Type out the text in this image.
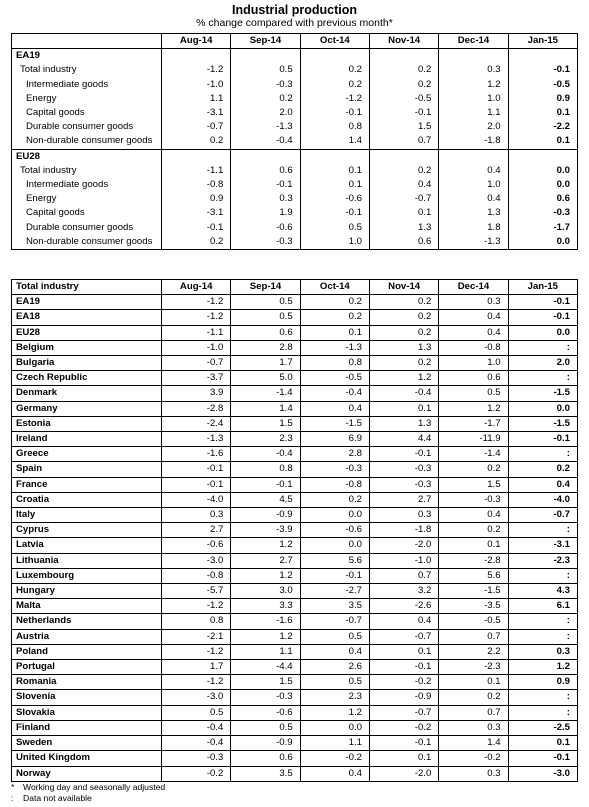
Industrial production
% change compared with previous month*
	Aug-14	Sep-14	Oct-14	Nov-14	Dec-14	Jan-15
EA19						
Total industry	-1.2	0.5	0.2	0.2	0.3	-0.1
Intermediate goods	-1.0	-0.3	0.2	0.2	1.2	-0.5
Energy	1.1	0.2	-1.2	-0.5	1.0	0.9
Capital goods	-3.1	2.0	-0.1	-0.1	1.1	0.1
Durable consumer goods	-0.7	-1.3	0.8	1.5	2.0	-2.2
Non-durable consumer goods	0.2	-0.4	1.4	0.7	-1.8	0.1
EU28						
Total industry	-1.1	0.6	0.1	0.2	0.4	0.0
Intermediate goods	-0.8	-0.1	0.1	0.4	1.0	0.0
Energy	0.9	0.3	-0.6	-0.7	0.4	0.6
Capital goods	-3.1	1.9	-0.1	0.1	1.3	-0.3
Durable consumer goods	-0.1	-0.6	0.5	1.3	1.8	-1.7
Non-durable consumer goods	0.2	-0.3	1.0	0.6	-1.3	0.0
Total industry	Aug-14	Sep-14	Oct-14	Nov-14	Dec-14	Jan-15
EA19	-1.2	0.5	0.2	0.2	0.3	-0.1
EA18	-1.2	0.5	0.2	0.2	0.4	-0.1
EU28	-1.1	0.6	0.1	0.2	0.4	0.0
Belgium	-1.0	2.8	-1.3	1.3	-0.8	:
Bulgaria	-0.7	1.7	0.8	0.2	1.0	2.0
Czech Republic	-3.7	5.0	-0.5	1.2	0.6	:
Denmark	3.9	-1.4	-0.4	-0.4	0.5	-1.5
Germany	-2.8	1.4	0.4	0.1	1.2	0.0
Estonia	-2.4	1.5	-1.5	1.3	-1.7	-1.5
Ireland	-1.3	2.3	6.9	4.4	-11.9	-0.1
Greece	-1.6	-0.4	2.8	-0.1	-1.4	:
Spain	-0.1	0.8	-0.3	-0.3	0.2	0.2
France	-0.1	-0.1	-0.8	-0.3	1.5	0.4
Croatia	-4.0	4.5	0.2	2.7	-0.3	-4.0
Italy	0.3	-0.9	0.0	0.3	0.4	-0.7
Cyprus	2.7	-3.9	-0.6	-1.8	0.2	:
Latvia	-0.6	1.2	0.0	-2.0	0.1	-3.1
Lithuania	-3.0	2.7	5.6	-1.0	-2.8	-2.3
Luxembourg	-0.8	1.2	-0.1	0.7	5.6	:
Hungary	-5.7	3.0	-2.7	3.2	-1.5	4.3
Malta	-1.2	3.3	3.5	-2.6	-3.5	6.1
Netherlands	0.8	-1.6	-0.7	0.4	-0.5	:
Austria	-2.1	1.2	0.5	-0.7	0.7	:
Poland	-1.2	1.1	0.4	0.1	2.2	0.3
Portugal	1.7	-4.4	2.6	-0.1	-2.3	1.2
Romania	-1.2	1.5	0.5	-0.2	0.1	0.9
Slovenia	-3.0	-0.3	2.3	-0.9	0.2	:
Slovakia	0.5	-0.6	1.2	-0.7	0.7	:
Finland	-0.4	0.5	0.0	-0.2	0.3	-2.5
Sweden	-0.4	-0.9	1.1	-0.1	1.4	0.1
United Kingdom	-0.3	0.6	-0.2	0.1	-0.2	-0.1
Norway	-0.2	3.5	0.4	-2.0	0.3	-3.0
* Working day and seasonally adjusted
: Data not available
